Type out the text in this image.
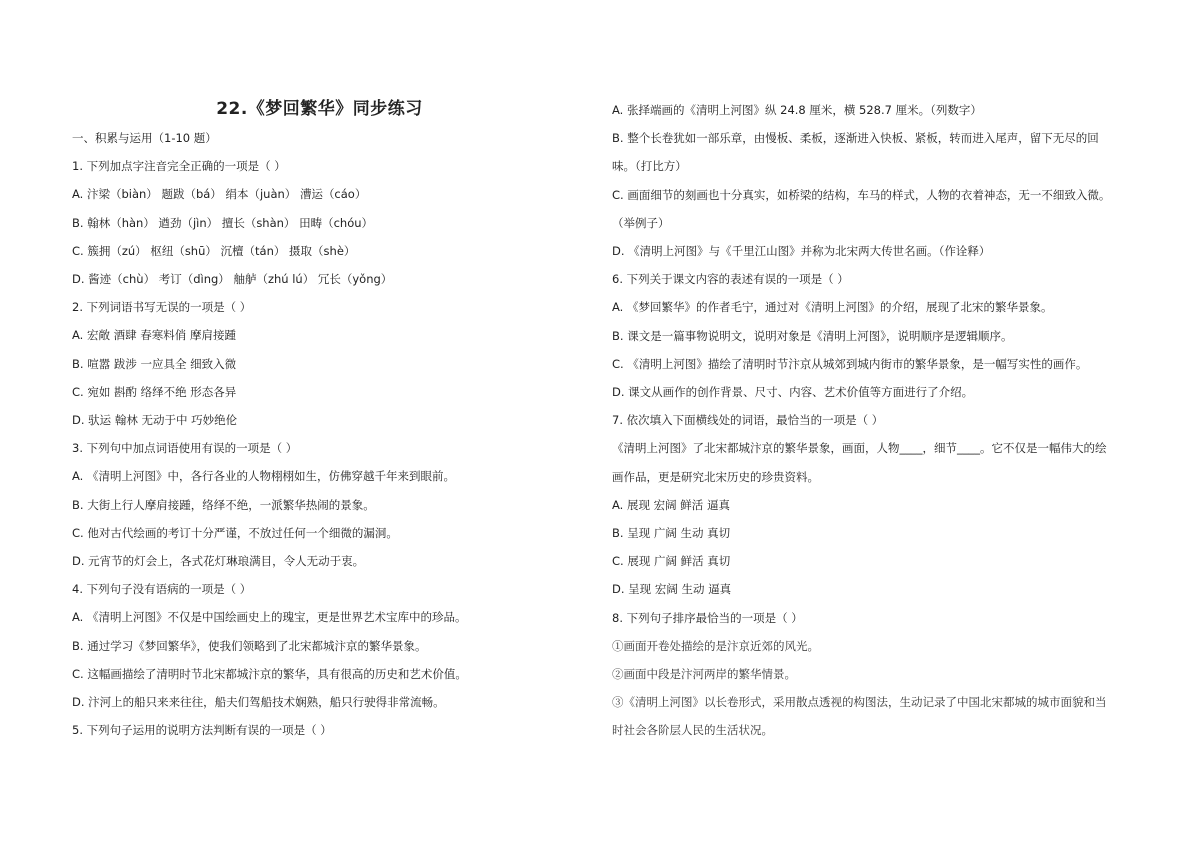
22.《梦回繁华》同步练习
一、积累与运用（1-10 题）
1. 下列加点字注音完全正确的一项是（ ）
A. 汴梁（biàn） 题跋（bá） 绢本（juàn） 漕运（cáo）
B. 翰林（hàn） 遒劲（jìn） 擅长（shàn） 田畴（chóu）
C. 簇拥（zú） 枢纽（shū） 沉檀（tán） 摄取（shè）
D. 酱迹（chù） 考订（dìng） 舳舻（zhú lú） 冗长（yǒng）
2. 下列词语书写无误的一项是（ ）
A. 宏敞 酒肆 春寒料俏 摩肩接踵
B. 喧嚣 跋涉 一应具全 细致入微
C. 宛如 斟酌 络绎不绝 形态各异
D. 驮运 翰林 无动于中 巧妙绝伦
3. 下列句中加点词语使用有误的一项是（ ）
A. 《清明上河图》中，各行各业的人物栩栩如生，仿佛穿越千年来到眼前。
B. 大街上行人摩肩接踵，络绎不绝，一派繁华热闹的景象。
C. 他对古代绘画的考订十分严谨，不放过任何一个细微的漏洞。
D. 元宵节的灯会上，各式花灯琳琅满目，令人无动于衷。
4. 下列句子没有语病的一项是（ ）
A. 《清明上河图》不仅是中国绘画史上的瑰宝，更是世界艺术宝库中的珍品。
B. 通过学习《梦回繁华》，使我们领略到了北宋都城汴京的繁华景象。
C. 这幅画描绘了清明时节北宋都城汴京的繁华，具有很高的历史和艺术价值。
D. 汴河上的船只来来往往，船夫们驾船技术娴熟，船只行驶得非常流畅。
5. 下列句子运用的说明方法判断有误的一项是（ ）
A. 张择端画的《清明上河图》纵 24.8 厘米，横 528.7 厘米。（列数字）
B. 整个长卷犹如一部乐章，由慢板、柔板，逐渐进入快板、紧板，转而进入尾声，留下无尽的回
味。（打比方）
C. 画面细节的刻画也十分真实，如桥梁的结构，车马的样式，人物的衣着神态，无一不细致入微。
（举例子）
D. 《清明上河图》与《千里江山图》并称为北宋两大传世名画。（作诠释）
6. 下列关于课文内容的表述有误的一项是（ ）
A. 《梦回繁华》的作者毛宁，通过对《清明上河图》的介绍，展现了北宋的繁华景象。
B. 课文是一篇事物说明文，说明对象是《清明上河图》，说明顺序是逻辑顺序。
C. 《清明上河图》描绘了清明时节汴京从城郊到城内街市的繁华景象，是一幅写实性的画作。
D. 课文从画作的创作背景、尺寸、内容、艺术价值等方面进行了介绍。
7. 依次填入下面横线处的词语，最恰当的一项是（ ）
《清明上河图》了北宋都城汴京的繁华景象，画面，人物____，细节____。它不仅是一幅伟大的绘
画作品，更是研究北宋历史的珍贵资料。
A. 展现 宏阔 鲜活 逼真
B. 呈现 广阔 生动 真切
C. 展现 广阔 鲜活 真切
D. 呈现 宏阔 生动 逼真
8. 下列句子排序最恰当的一项是（ ）
①画面开卷处描绘的是汴京近郊的风光。
②画面中段是汴河两岸的繁华情景。
③《清明上河图》以长卷形式，采用散点透视的构图法，生动记录了中国北宋都城的城市面貌和当
时社会各阶层人民的生活状况。
